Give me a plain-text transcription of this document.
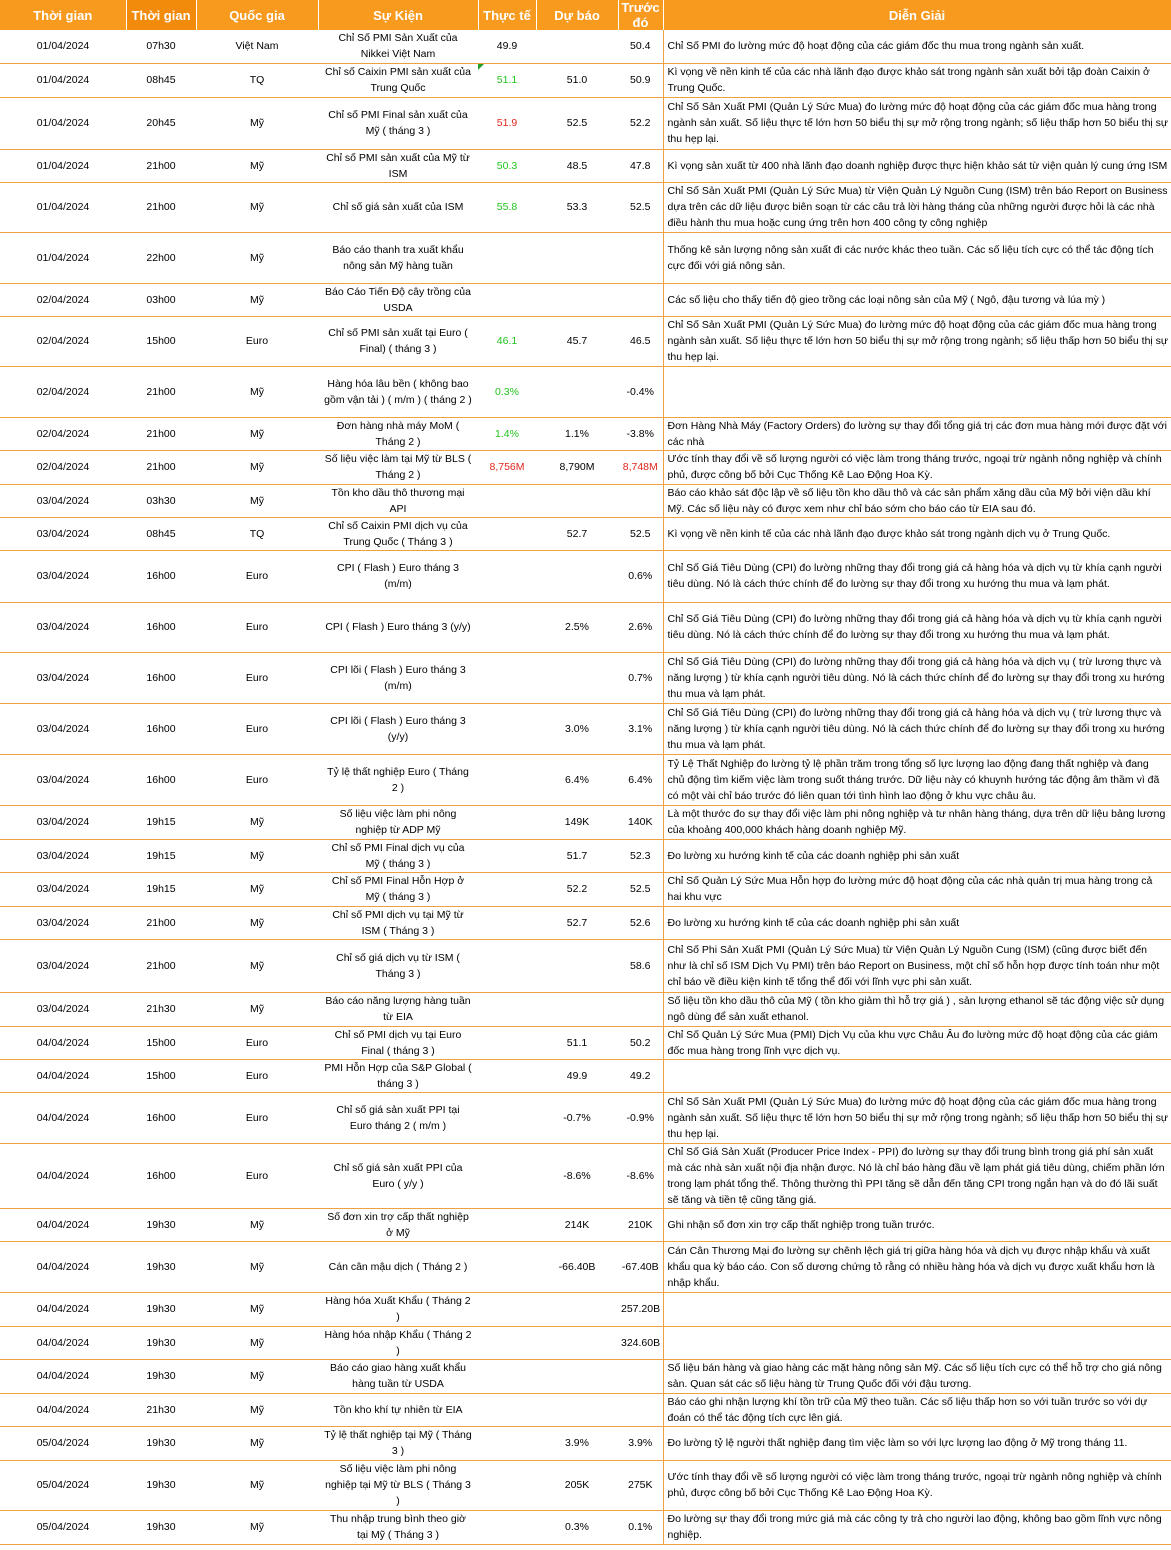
Thời gian	Thời gian	Quốc gia	Sự Kiện	Thực tế	Dự báo	Trước đó	Diễn Giải
01/04/2024	07h30	Việt Nam	Chỉ Số PMI Sản Xuất của Nikkei Việt Nam	49.9		50.4	Chỉ Số PMI đo lường mức độ hoạt động của các giám đốc thu mua trong ngành sản xuất.
01/04/2024	08h45	TQ	Chỉ số Caixin PMI sản xuất của Trung Quốc	51.1	51.0	50.9	Kì vọng về nền kinh tế của các nhà lãnh đạo được khảo sát trong ngành sản xuất bởi tập đoàn Caixin ở Trung Quốc.
01/04/2024	20h45	Mỹ	Chỉ số PMI Final sản xuất của Mỹ ( tháng 3 )	51.9	52.5	52.2	Chỉ Số Sản Xuất PMI (Quản Lý Sức Mua) đo lường mức độ hoạt động của các giám đốc mua hàng trong ngành sản xuất. Số liệu thực tế lớn hơn 50 biểu thị sự mở rộng trong ngành; số liệu thấp hơn 50 biểu thị sự thu hẹp lại.
01/04/2024	21h00	Mỹ	Chỉ số PMI sản xuất của Mỹ từ ISM	50.3	48.5	47.8	Kì vọng sản xuất từ 400 nhà lãnh đạo doanh nghiệp được thực hiện khảo sát từ viện quản lý cung ứng ISM
01/04/2024	21h00	Mỹ	Chỉ số giá sản xuất của ISM	55.8	53.3	52.5	Chỉ Số Sản Xuất PMI (Quản Lý Sức Mua) từ Viện Quản Lý Nguồn Cung (ISM) trên báo Report on Business dựa trên các dữ liệu được biên soạn từ các câu trả lời hàng tháng của những người được hỏi là các nhà điều hành thu mua hoặc cung ứng trên hơn 400 công ty công nghiệp
01/04/2024	22h00	Mỹ	Báo cáo thanh tra xuất khẩu nông sản Mỹ hàng tuần				Thống kê sản lượng nông sản xuất đi các nước khác theo tuần. Các số liệu tích cực có thể tác động tích cực đối với giá nông sản.
02/04/2024	03h00	Mỹ	Báo Cáo Tiến Độ cây trồng của USDA				Các số liệu cho thấy tiến độ gieo trồng các loại nông sản của Mỹ ( Ngô, đậu tương và lúa mỳ )
02/04/2024	15h00	Euro	Chỉ số PMI sản xuất tại Euro ( Final) ( tháng 3 )	46.1	45.7	46.5	Chỉ Số Sản Xuất PMI (Quản Lý Sức Mua) đo lường mức độ hoạt động của các giám đốc mua hàng trong ngành sản xuất. Số liệu thực tế lớn hơn 50 biểu thị sự mở rộng trong ngành; số liệu thấp hơn 50 biểu thị sự thu hẹp lại.
02/04/2024	21h00	Mỹ	Hàng hóa lâu bền ( không bao gồm vận tải ) ( m/m ) ( tháng 2 )	0.3%		-0.4%	
02/04/2024	21h00	Mỹ	Đơn hàng nhà máy MoM ( Tháng 2 )	1.4%	1.1%	-3.8%	Đơn Hàng Nhà Máy (Factory Orders) đo lường sự thay đổi tổng giá trị các đơn mua hàng mới được đặt với các nhà
02/04/2024	21h00	Mỹ	Số liệu việc làm tại Mỹ từ BLS ( Tháng 2 )	8,756M	8,790M	8,748M	Ước tính thay đổi về số lượng người có việc làm trong tháng trước, ngoại trừ ngành nông nghiệp và chính phủ, được công bố bởi Cục Thống Kê Lao Động Hoa Kỳ.
03/04/2024	03h30	Mỹ	Tồn kho dầu thô thương mại API				Báo cáo khảo sát độc lập về số liệu tồn kho dầu thô và các sản phẩm xăng dầu của Mỹ bởi viện dầu khí Mỹ. Các số liệu này có được xem như chỉ báo sớm cho báo cáo từ EIA sau đó.
03/04/2024	08h45	TQ	Chỉ số Caixin PMI dịch vụ của Trung Quốc ( Tháng 3 )		52.7	52.5	Kì vọng về nền kinh tế của các nhà lãnh đạo được khảo sát trong ngành dịch vụ ở Trung Quốc.
03/04/2024	16h00	Euro	CPI ( Flash ) Euro tháng 3 (m/m)			0.6%	Chỉ Số Giá Tiêu Dùng (CPI) đo lường những thay đổi trong giá cả hàng hóa và dịch vụ từ khía cạnh người tiêu dùng. Nó là cách thức chính để đo lường sự thay đổi trong xu hướng thu mua và lạm phát.
03/04/2024	16h00	Euro	CPI ( Flash ) Euro tháng 3 (y/y)		2.5%	2.6%	Chỉ Số Giá Tiêu Dùng (CPI) đo lường những thay đổi trong giá cả hàng hóa và dịch vụ từ khía cạnh người tiêu dùng. Nó là cách thức chính để đo lường sự thay đổi trong xu hướng thu mua và lạm phát.
03/04/2024	16h00	Euro	CPI lõi ( Flash ) Euro tháng 3 (m/m)			0.7%	Chỉ Số Giá Tiêu Dùng (CPI) đo lường những thay đổi trong giá cả hàng hóa và dịch vụ ( trừ lương thực và năng lượng ) từ khía cạnh người tiêu dùng. Nó là cách thức chính để đo lường sự thay đổi trong xu hướng thu mua và lạm phát.
03/04/2024	16h00	Euro	CPI lõi ( Flash ) Euro tháng 3 (y/y)		3.0%	3.1%	Chỉ Số Giá Tiêu Dùng (CPI) đo lường những thay đổi trong giá cả hàng hóa và dịch vụ ( trừ lương thực và năng lượng ) từ khía cạnh người tiêu dùng. Nó là cách thức chính để đo lường sự thay đổi trong xu hướng thu mua và lạm phát.
03/04/2024	16h00	Euro	Tỷ lệ thất nghiệp Euro ( Tháng 2 )		6.4%	6.4%	Tỷ Lệ Thất Nghiệp đo lường tỷ lệ phần trăm trong tổng số lực lượng lao động đang thất nghiệp và đang chủ động tìm kiếm việc làm trong suốt tháng trước. Dữ liệu này có khuynh hướng tác động âm thầm vì đã có một vài chỉ báo trước đó liên quan tới tình hình lao động ở khu vực châu âu.
03/04/2024	19h15	Mỹ	Số liệu việc làm phi nông nghiệp từ ADP Mỹ		149K	140K	Là một thước đo sự thay đổi việc làm phi nông nghiệp và tư nhân hàng tháng, dựa trên dữ liệu bảng lương của khoảng 400,000 khách hàng doanh nghiệp Mỹ.
03/04/2024	19h15	Mỹ	Chỉ số PMI Final dịch vụ của Mỹ ( tháng 3 )		51.7	52.3	Đo lường xu hướng kinh tế của các doanh nghiệp phi sản xuất
03/04/2024	19h15	Mỹ	Chỉ số PMI Final Hỗn Hợp ở Mỹ ( tháng 3 )		52.2	52.5	Chỉ Số Quản Lý Sức Mua Hỗn hợp đo lường mức độ hoạt động của các nhà quản trị mua hàng trong cả hai khu vực
03/04/2024	21h00	Mỹ	Chỉ số PMI dịch vụ tại Mỹ từ ISM ( Tháng 3 )		52.7	52.6	Đo lường xu hướng kinh tế của các doanh nghiệp phi sản xuất
03/04/2024	21h00	Mỹ	Chỉ số giá dịch vụ từ ISM ( Tháng 3 )			58.6	Chỉ Số Phi Sản Xuất PMI (Quản Lý Sức Mua) từ Viện Quản Lý Nguồn Cung (ISM) (cũng được biết đến như là chỉ số ISM Dịch Vụ PMI) trên báo Report on Business, một chỉ số hỗn hợp được tính toán như một chỉ báo về điều kiện kinh tế tổng thể đối với lĩnh vực phi sản xuất.
03/04/2024	21h30	Mỹ	Báo cáo năng lượng hàng tuần từ EIA				Số liệu tồn kho dầu thô của Mỹ ( tồn kho giảm thì hỗ trợ giá ) , sản lượng ethanol sẽ tác động việc sử dụng ngô dùng để sản xuất ethanol.
04/04/2024	15h00	Euro	Chỉ số PMI dịch vụ tại Euro Final ( tháng 3 )		51.1	50.2	Chỉ Số Quản Lý Sức Mua (PMI) Dịch Vụ của khu vực Châu Âu đo lường mức độ hoạt động của các giám đốc mua hàng trong lĩnh vực dịch vụ.
04/04/2024	15h00	Euro	PMI Hỗn Hợp của S&P Global ( tháng 3 )		49.9	49.2	
04/04/2024	16h00	Euro	Chỉ số giá sản xuất PPI tại Euro tháng 2 ( m/m )		-0.7%	-0.9%	Chỉ Số Sản Xuất PMI (Quản Lý Sức Mua) đo lường mức độ hoạt động của các giám đốc mua hàng trong ngành sản xuất. Số liệu thực tế lớn hơn 50 biểu thị sự mở rộng trong ngành; số liệu thấp hơn 50 biểu thị sự thu hẹp lại.
04/04/2024	16h00	Euro	Chỉ số giá sản xuất PPI của Euro ( y/y )		-8.6%	-8.6%	Chỉ Số Giá Sản Xuất (Producer Price Index - PPI) đo lường sự thay đổi trung bình trong giá phí sản xuất mà các nhà sản xuất nội địa nhận được. Nó là chỉ báo hàng đầu về lạm phát giá tiêu dùng, chiếm phần lớn trong lạm phát tổng thể. Thông thường thì PPI tăng sẽ dẫn đến tăng CPI trong ngắn hạn và do đó lãi suất sẽ tăng và tiền tệ cũng tăng giá.
04/04/2024	19h30	Mỹ	Số đơn xin trợ cấp thất nghiệp ở Mỹ		214K	210K	Ghi nhận số đơn xin trợ cấp thất nghiệp trong tuần trước.
04/04/2024	19h30	Mỹ	Cán cân mậu dịch ( Tháng 2 )		-66.40B	-67.40B	Cán Cân Thương Mại đo lường sự chênh lệch giá trị giữa hàng hóa và dịch vụ được nhập khẩu và xuất khẩu qua kỳ báo cáo. Con số dương chứng tỏ rằng có nhiều hàng hóa và dịch vụ được xuất khẩu hơn là nhập khẩu.
04/04/2024	19h30	Mỹ	Hàng hóa Xuất Khẩu ( Tháng 2 )			257.20B	
04/04/2024	19h30	Mỹ	Hàng hóa nhập Khẩu ( Tháng 2 )			324.60B	
04/04/2024	19h30	Mỹ	Báo cáo giao hàng xuất khẩu hàng tuần từ USDA				Số liệu bán hàng và giao hàng các mặt hàng nông sản Mỹ. Các số liệu tích cực có thể hỗ trợ cho giá nông sản. Quan sát các số liệu hàng từ Trung Quốc đối với đậu tương.
04/04/2024	21h30	Mỹ	Tồn kho khí tự nhiên từ EIA				Báo cáo ghi nhận lượng khí tồn trữ của Mỹ theo tuần. Các số liệu thấp hơn so với tuần trước so với dự đoán có thể tác động tích cực lên giá.
05/04/2024	19h30	Mỹ	Tỷ lệ thất nghiệp tại Mỹ ( Tháng 3 )		3.9%	3.9%	Đo lường tỷ lệ người thất nghiệp đang tìm việc làm so với lực lượng lao động ở Mỹ trong tháng 11.
05/04/2024	19h30	Mỹ	Số liệu việc làm phi nông nghiệp tại Mỹ từ BLS ( Tháng 3 )		205K	275K	Ước tính thay đổi về số lượng người có việc làm trong tháng trước, ngoại trừ ngành nông nghiệp và chính phủ, được công bố bởi Cục Thống Kê Lao Động Hoa Kỳ.
05/04/2024	19h30	Mỹ	Thu nhập trung bình theo giờ tại Mỹ ( Tháng 3 )		0.3%	0.1%	Đo lường sự thay đổi trong mức giá mà các công ty trả cho người lao động, không bao gồm lĩnh vực nông nghiệp.
